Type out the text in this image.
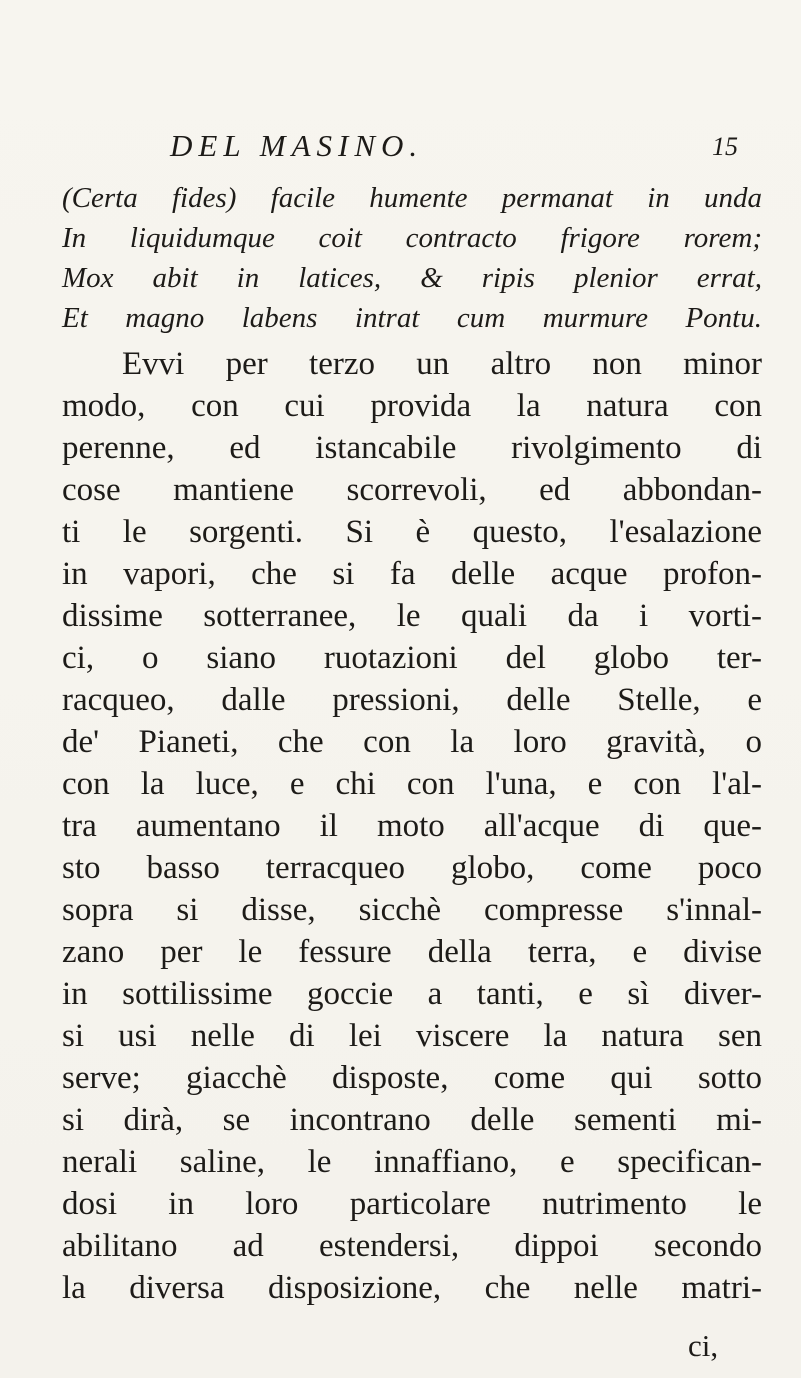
DEL MASINO.	15
(Certa fides) facile humente permanat in unda
In liquidumque coit contracto frigore rorem;
Mox abit in latices, & ripis plenior errat,
Et magno labens intrat cum murmure Pontu.
Evvi per terzo un altro non minor
modo, con cui provida la natura con
perenne, ed istancabile rivolgimento di
cose mantiene scorrevoli, ed abbondan-
ti le sorgenti. Si è questo, l'esalazione
in vapori, che si fa delle acque profon-
dissime sotterranee, le quali da i vorti-
ci, o siano ruotazioni del globo ter-
racqueo, dalle pressioni, delle Stelle, e
de' Pianeti, che con la loro gravità, o
con la luce, e chi con l'una, e con l'al-
tra aumentano il moto all'acque di que-
sto basso terracqueo globo, come poco
sopra si disse, sicchè compresse s'innal-
zano per le fessure della terra, e divise
in sottilissime goccie a tanti, e sì diver-
si usi nelle di lei viscere la natura sen
serve; giacchè dispostе, come qui sotto
si dirà, se incontrano delle sementi mi-
nerali saline, le innaffiano, e specifican-
dosi in loro particolare nutrimento le
abilitano ad estendersi, dippoi secondo
la diversa disposizione, che nelle matri-
ci,
